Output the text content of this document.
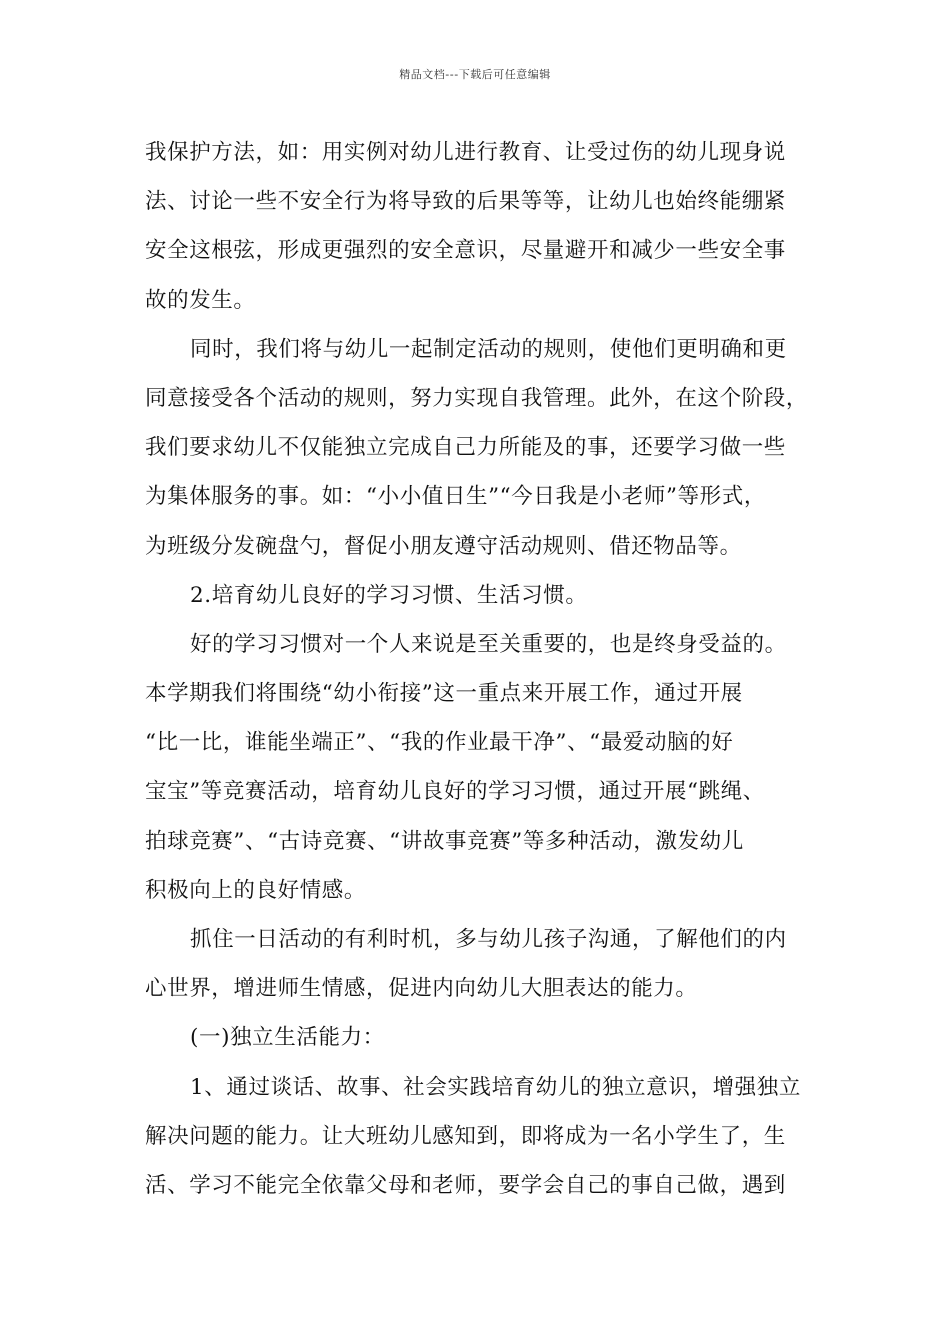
精品文档---下载后可任意编辑
我保护方法，如：用实例对幼儿进行教育、让受过伤的幼儿现身说
法、讨论一些不安全行为将导致的后果等等，让幼儿也始终能绷紧
安全这根弦，形成更强烈的安全意识，尽量避开和减少一些安全事
故的发生。
同时，我们将与幼儿一起制定活动的规则，使他们更明确和更
同意接受各个活动的规则，努力实现自我管理。此外，在这个阶段，
我们要求幼儿不仅能独立完成自己力所能及的事，还要学习做一些
为集体服务的事。如：“小小值日生”“今日我是小老师”等形式，
为班级分发碗盘勺，督促小朋友遵守活动规则、借还物品等。
2.培育幼儿良好的学习习惯、生活习惯。
好的学习习惯对一个人来说是至关重要的，也是终身受益的。
本学期我们将围绕“幼小衔接”这一重点来开展工作，通过开展
“比一比，谁能坐端正”、“我的作业最干净”、“最爱动脑的好
宝宝”等竞赛活动，培育幼儿良好的学习习惯，通过开展“跳绳、
拍球竞赛”、“古诗竞赛、“讲故事竞赛”等多种活动，激发幼儿
积极向上的良好情感。
抓住一日活动的有利时机，多与幼儿孩子沟通，了解他们的内
心世界，增进师生情感，促进内向幼儿大胆表达的能力。
(一)独立生活能力：
1、通过谈话、故事、社会实践培育幼儿的独立意识，增强独立
解决问题的能力。让大班幼儿感知到，即将成为一名小学生了，生
活、学习不能完全依靠父母和老师，要学会自己的事自己做，遇到
